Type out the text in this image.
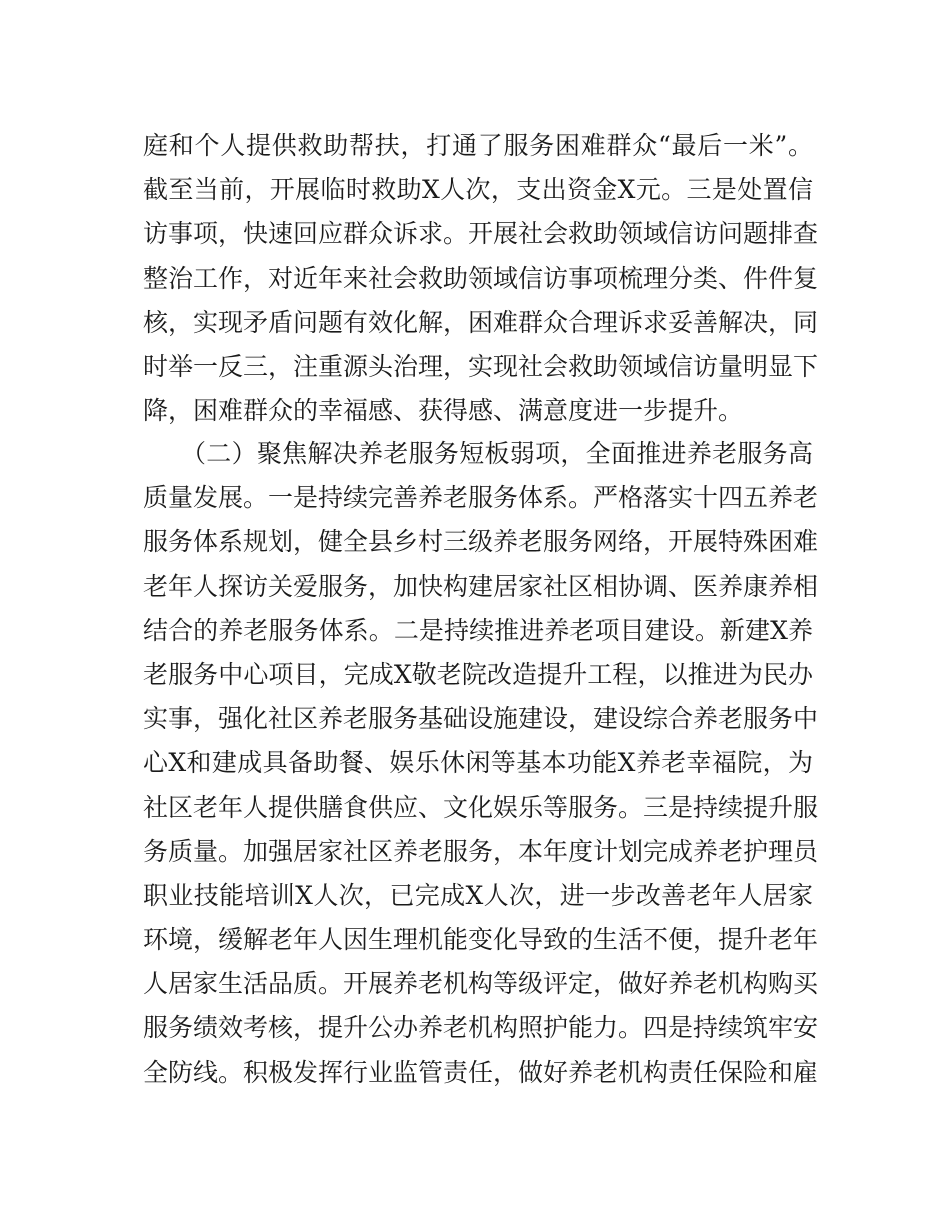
庭和个人提供救助帮扶，打通了服务困难群众“最后一米”。
截至当前，开展临时救助X人次，支出资金X元。三是处置信
访事项，快速回应群众诉求。开展社会救助领域信访问题排查
整治工作，对近年来社会救助领域信访事项梳理分类、件件复
核，实现矛盾问题有效化解，困难群众合理诉求妥善解决，同
时举一反三，注重源头治理，实现社会救助领域信访量明显下
降，困难群众的幸福感、获得感、满意度进一步提升。
（二）聚焦解决养老服务短板弱项，全面推进养老服务高
质量发展。一是持续完善养老服务体系。严格落实十四五养老
服务体系规划，健全县乡村三级养老服务网络，开展特殊困难
老年人探访关爱服务，加快构建居家社区相协调、医养康养相
结合的养老服务体系。二是持续推进养老项目建设。新建X养
老服务中心项目，完成X敬老院改造提升工程，以推进为民办
实事，强化社区养老服务基础设施建设，建设综合养老服务中
心X和建成具备助餐、娱乐休闲等基本功能X养老幸福院，为
社区老年人提供膳食供应、文化娱乐等服务。三是持续提升服
务质量。加强居家社区养老服务，本年度计划完成养老护理员
职业技能培训X人次，已完成X人次，进一步改善老年人居家
环境，缓解老年人因生理机能变化导致的生活不便，提升老年
人居家生活品质。开展养老机构等级评定，做好养老机构购买
服务绩效考核，提升公办养老机构照护能力。四是持续筑牢安
全防线。积极发挥行业监管责任，做好养老机构责任保险和雇
